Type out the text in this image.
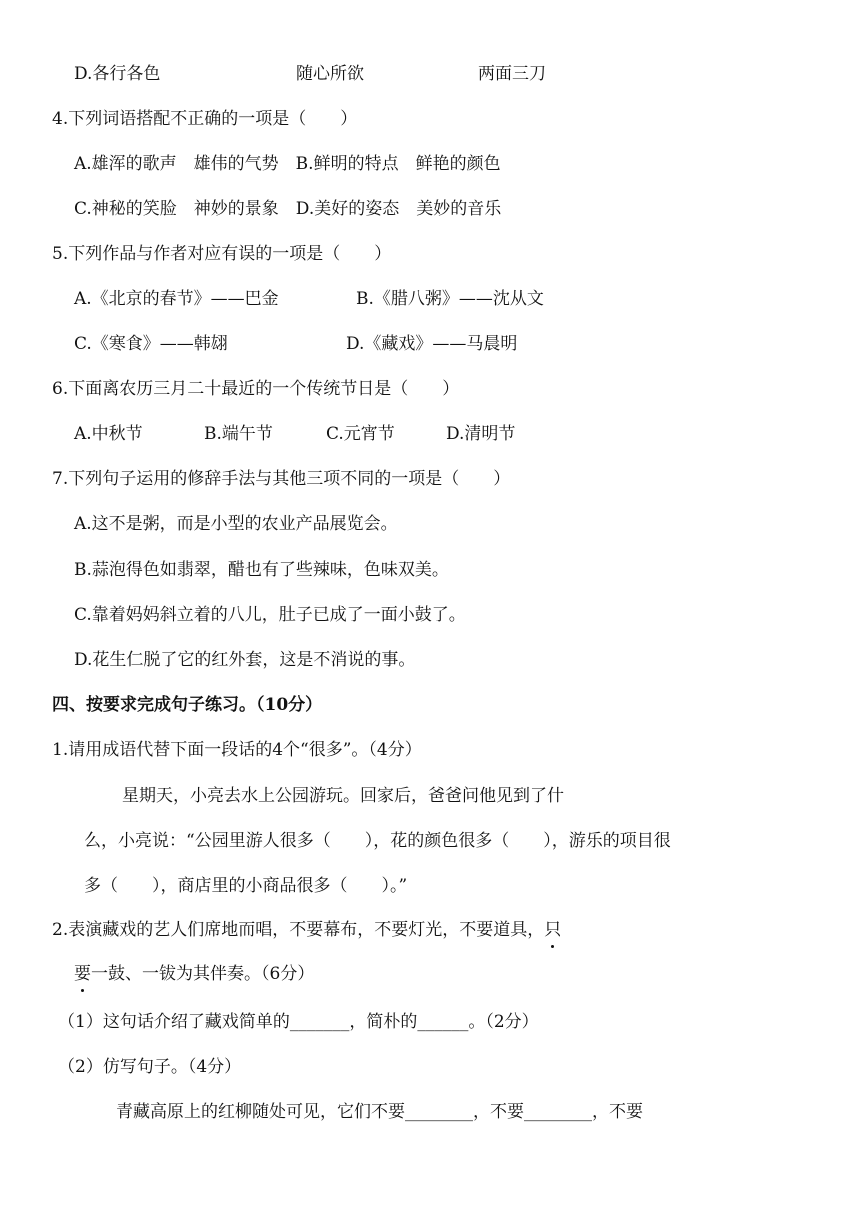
D.各行各色	随心所欲	两面三刀
4.下列词语搭配不正确的一项是（　　）
A.雄浑的歌声　雄伟的气势　B.鲜明的特点　鲜艳的颜色
C.神秘的笑脸　神妙的景象　D.美好的姿态　美妙的音乐
5.下列作品与作者对应有误的一项是（　　）
A.《北京的春节》——巴金	B.《腊八粥》——沈从文
C.《寒食》——韩翃	D.《藏戏》——马晨明
6.下面离农历三月二十最近的一个传统节日是（　　）
A.中秋节	B.端午节	C.元宵节	D.清明节
7.下列句子运用的修辞手法与其他三项不同的一项是（　　）
A.这不是粥，而是小型的农业产品展览会。
B.蒜泡得色如翡翠，醋也有了些辣味，色味双美。
C.靠着妈妈斜立着的八儿，肚子已成了一面小鼓了。
D.花生仁脱了它的红外套，这是不消说的事。
四、按要求完成句子练习。（10分）
1.请用成语代替下面一段话的4个“很多”。（4分）
星期天，小亮去水上公园游玩。回家后，爸爸问他见到了什
么，小亮说：“公园里游人很多（　　），花的颜色很多（　　），游乐的项目很
多（　　），商店里的小商品很多（　　）。”
2.表演藏戏的艺人们席地而唱，不要幕布，不要灯光，不要道具，只
要一鼓、一钹为其伴奏。（6分）
（1）这句话介绍了藏戏简单的_______，简朴的______。（2分）
（2）仿写句子。（4分）
青藏高原上的红柳随处可见，它们不要________，不要________，不要
